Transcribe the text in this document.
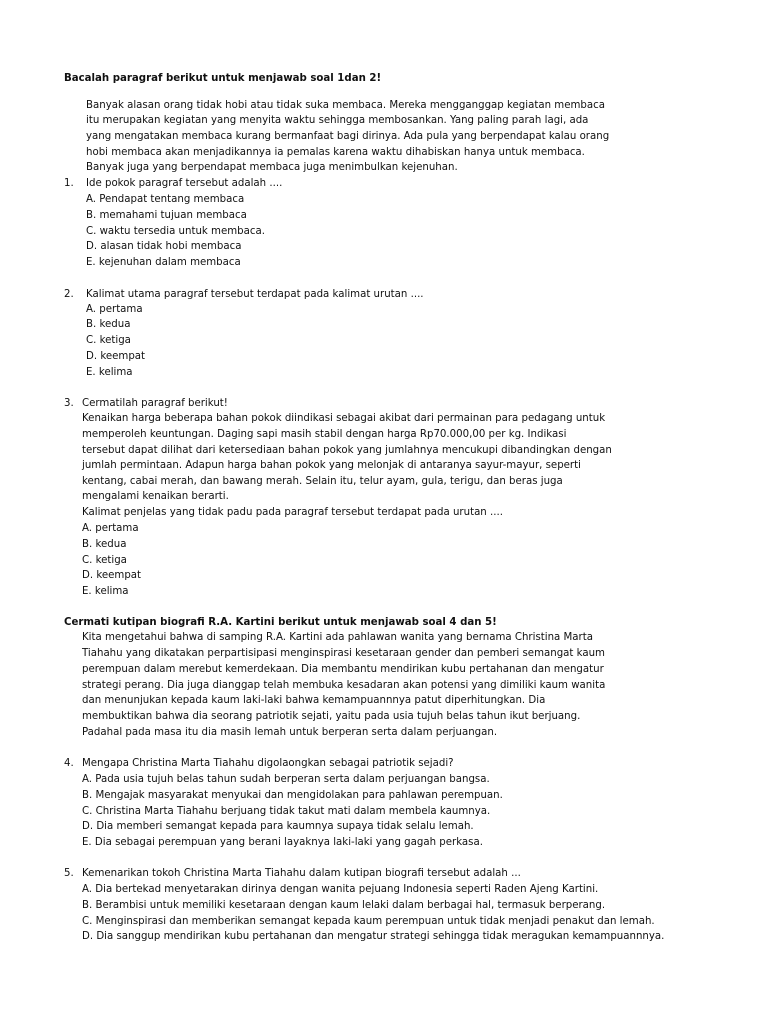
Bacalah paragraf berikut untuk menjawab soal 1dan 2!
Banyak alasan orang tidak hobi atau tidak suka membaca. Mereka mengganggap kegiatan membaca
itu merupakan kegiatan yang menyita waktu sehingga membosankan. Yang paling parah lagi, ada
yang mengatakan membaca kurang bermanfaat bagi dirinya. Ada pula yang berpendapat kalau orang
hobi membaca akan menjadikannya ia pemalas karena waktu dihabiskan hanya untuk membaca.
Banyak juga yang berpendapat membaca juga menimbulkan kejenuhan.
1. Ide pokok paragraf tersebut adalah ....
A. Pendapat tentang membaca
B. memahami tujuan membaca
C. waktu tersedia untuk membaca.
D. alasan tidak hobi membaca
E. kejenuhan dalam membaca
2. Kalimat utama paragraf tersebut terdapat pada kalimat urutan ....
A. pertama
B. kedua
C. ketiga
D. keempat
E. kelima
3. Cermatilah paragraf berikut!
Kenaikan harga beberapa bahan pokok diindikasi sebagai akibat dari permainan para pedagang untuk
memperoleh keuntungan. Daging sapi masih stabil dengan harga Rp70.000,00 per kg. Indikasi
tersebut dapat dilihat dari ketersediaan bahan pokok yang jumlahnya mencukupi dibandingkan dengan
jumlah permintaan. Adapun harga bahan pokok yang melonjak di antaranya sayur-mayur, seperti
kentang, cabai merah, dan bawang merah. Selain itu, telur ayam, gula, terigu, dan beras juga
mengalami kenaikan berarti.
Kalimat penjelas yang tidak padu pada paragraf tersebut terdapat pada urutan ....
A. pertama
B. kedua
C. ketiga
D. keempat
E. kelima
Cermati kutipan biografi R.A. Kartini berikut untuk menjawab soal 4 dan 5!
Kita mengetahui bahwa di samping R.A. Kartini ada pahlawan wanita yang bernama Christina Marta
Tiahahu yang dikatakan perpartisipasi menginspirasi kesetaraan gender dan pemberi semangat kaum
perempuan dalam merebut kemerdekaan. Dia membantu mendirikan kubu pertahanan dan mengatur
strategi perang. Dia juga dianggap telah membuka kesadaran akan potensi yang dimiliki kaum wanita
dan menunjukan kepada kaum laki-laki bahwa kemampuannnya patut diperhitungkan. Dia
membuktikan bahwa dia seorang patriotik sejati, yaitu pada usia tujuh belas tahun ikut berjuang.
Padahal pada masa itu dia masih lemah untuk berperan serta dalam perjuangan.
4. Mengapa Christina Marta Tiahahu digolaongkan sebagai patriotik sejadi?
A. Pada usia tujuh belas tahun sudah berperan serta dalam perjuangan bangsa.
B. Mengajak masyarakat menyukai dan mengidolakan para pahlawan perempuan.
C. Christina Marta Tiahahu berjuang tidak takut mati dalam membela kaumnya.
D. Dia memberi semangat kepada para kaumnya supaya tidak selalu lemah.
E. Dia sebagai perempuan yang berani layaknya laki-laki yang gagah perkasa.
5. Kemenarikan tokoh Christina Marta Tiahahu dalam kutipan biografi tersebut adalah ...
A. Dia bertekad menyetarakan dirinya dengan wanita pejuang Indonesia seperti Raden Ajeng Kartini.
B. Berambisi untuk memiliki kesetaraan dengan kaum lelaki dalam berbagai hal, termasuk berperang.
C. Menginspirasi dan memberikan semangat kepada kaum perempuan untuk tidak menjadi penakut dan lemah.
D. Dia sanggup mendirikan kubu pertahanan dan mengatur strategi sehingga tidak meragukan kemampuannnya.
